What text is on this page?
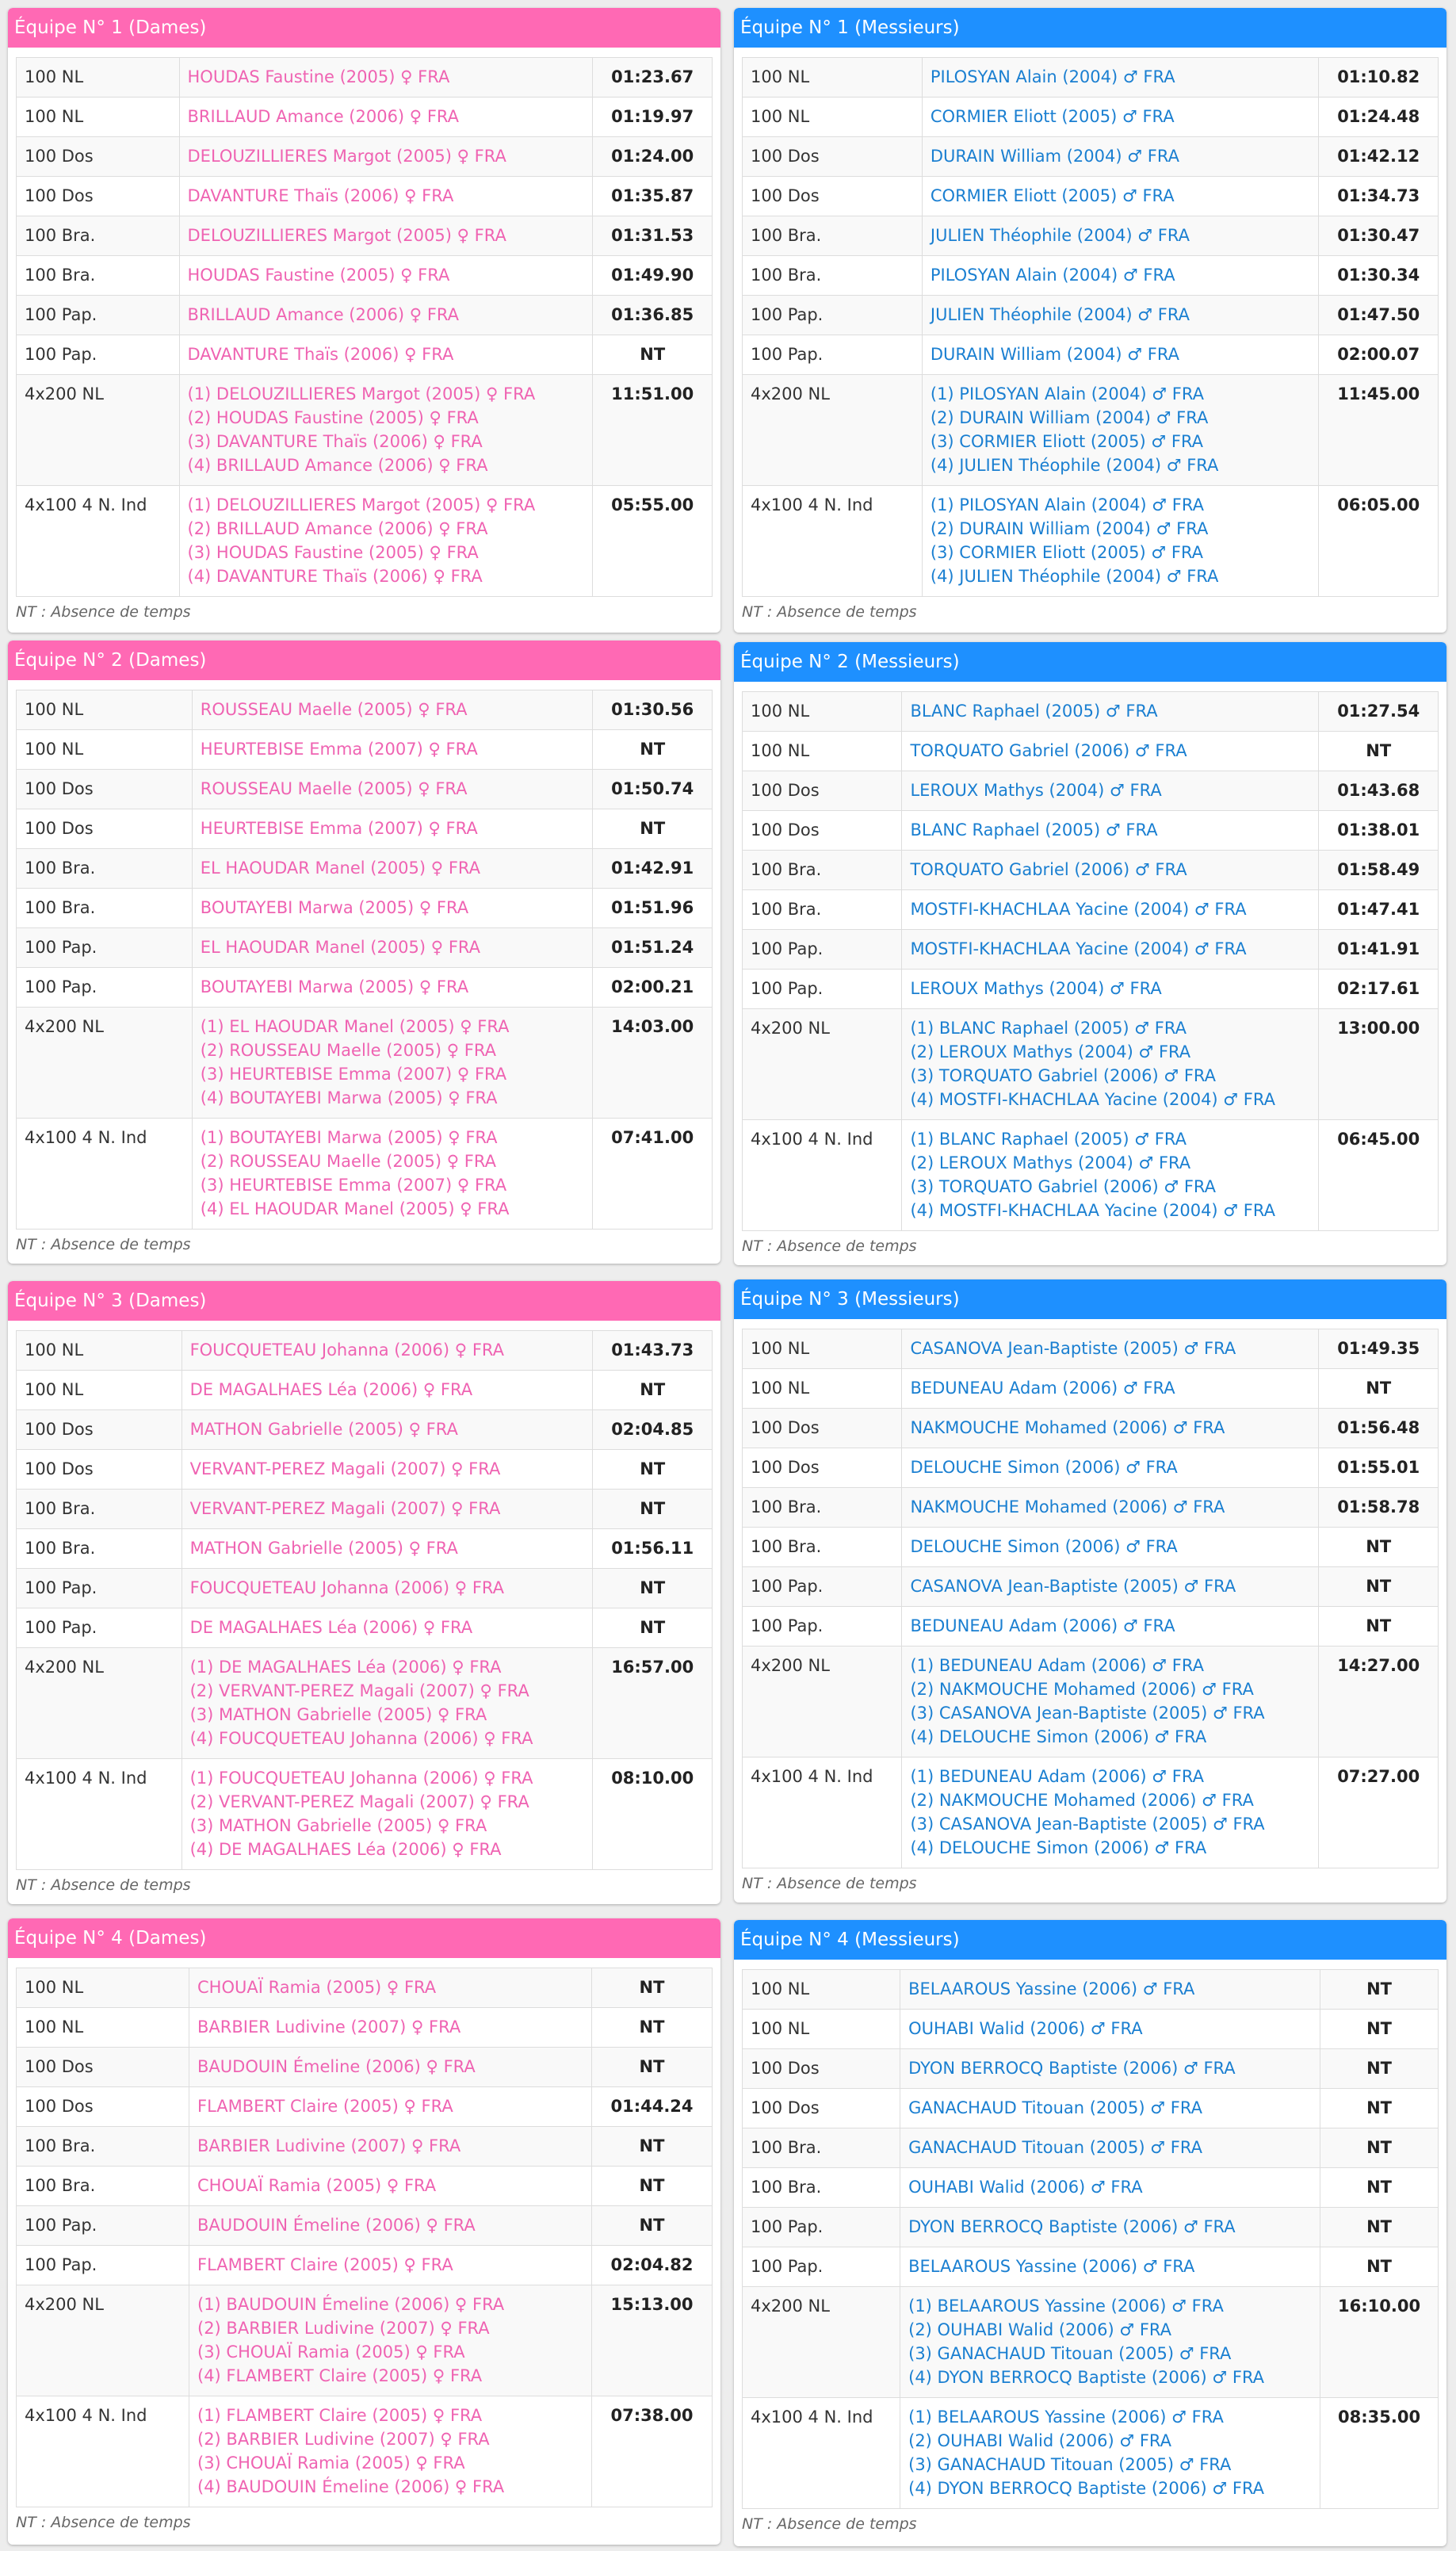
Équipe N° 1 (Dames)
100 NL	HOUDAS Faustine (2005) ♀ FRA	01:23.67
100 NL	BRILLAUD Amance (2006) ♀ FRA	01:19.97
100 Dos	DELOUZILLIERES Margot (2005) ♀ FRA	01:24.00
100 Dos	DAVANTURE Thaïs (2006) ♀ FRA	01:35.87
100 Bra.	DELOUZILLIERES Margot (2005) ♀ FRA	01:31.53
100 Bra.	HOUDAS Faustine (2005) ♀ FRA	01:49.90
100 Pap.	BRILLAUD Amance (2006) ♀ FRA	01:36.85
100 Pap.	DAVANTURE Thaïs (2006) ♀ FRA	NT
4x200 NL	(1) DELOUZILLIERES Margot (2005) ♀ FRA
(2) HOUDAS Faustine (2005) ♀ FRA
(3) DAVANTURE Thaïs (2006) ♀ FRA
(4) BRILLAUD Amance (2006) ♀ FRA	11:51.00
4x100 4 N. Ind	(1) DELOUZILLIERES Margot (2005) ♀ FRA
(2) BRILLAUD Amance (2006) ♀ FRA
(3) HOUDAS Faustine (2005) ♀ FRA
(4) DAVANTURE Thaïs (2006) ♀ FRA	05:55.00
NT : Absence de temps
Équipe N° 1 (Messieurs)
100 NL	PILOSYAN Alain (2004) ♂ FRA	01:10.82
100 NL	CORMIER Eliott (2005) ♂ FRA	01:24.48
100 Dos	DURAIN William (2004) ♂ FRA	01:42.12
100 Dos	CORMIER Eliott (2005) ♂ FRA	01:34.73
100 Bra.	JULIEN Théophile (2004) ♂ FRA	01:30.47
100 Bra.	PILOSYAN Alain (2004) ♂ FRA	01:30.34
100 Pap.	JULIEN Théophile (2004) ♂ FRA	01:47.50
100 Pap.	DURAIN William (2004) ♂ FRA	02:00.07
4x200 NL	(1) PILOSYAN Alain (2004) ♂ FRA
(2) DURAIN William (2004) ♂ FRA
(3) CORMIER Eliott (2005) ♂ FRA
(4) JULIEN Théophile (2004) ♂ FRA	11:45.00
4x100 4 N. Ind	(1) PILOSYAN Alain (2004) ♂ FRA
(2) DURAIN William (2004) ♂ FRA
(3) CORMIER Eliott (2005) ♂ FRA
(4) JULIEN Théophile (2004) ♂ FRA	06:05.00
NT : Absence de temps
Équipe N° 2 (Dames)
100 NL	ROUSSEAU Maelle (2005) ♀ FRA	01:30.56
100 NL	HEURTEBISE Emma (2007) ♀ FRA	NT
100 Dos	ROUSSEAU Maelle (2005) ♀ FRA	01:50.74
100 Dos	HEURTEBISE Emma (2007) ♀ FRA	NT
100 Bra.	EL HAOUDAR Manel (2005) ♀ FRA	01:42.91
100 Bra.	BOUTAYEBI Marwa (2005) ♀ FRA	01:51.96
100 Pap.	EL HAOUDAR Manel (2005) ♀ FRA	01:51.24
100 Pap.	BOUTAYEBI Marwa (2005) ♀ FRA	02:00.21
4x200 NL	(1) EL HAOUDAR Manel (2005) ♀ FRA
(2) ROUSSEAU Maelle (2005) ♀ FRA
(3) HEURTEBISE Emma (2007) ♀ FRA
(4) BOUTAYEBI Marwa (2005) ♀ FRA	14:03.00
4x100 4 N. Ind	(1) BOUTAYEBI Marwa (2005) ♀ FRA
(2) ROUSSEAU Maelle (2005) ♀ FRA
(3) HEURTEBISE Emma (2007) ♀ FRA
(4) EL HAOUDAR Manel (2005) ♀ FRA	07:41.00
NT : Absence de temps
Équipe N° 2 (Messieurs)
100 NL	BLANC Raphael (2005) ♂ FRA	01:27.54
100 NL	TORQUATO Gabriel (2006) ♂ FRA	NT
100 Dos	LEROUX Mathys (2004) ♂ FRA	01:43.68
100 Dos	BLANC Raphael (2005) ♂ FRA	01:38.01
100 Bra.	TORQUATO Gabriel (2006) ♂ FRA	01:58.49
100 Bra.	MOSTFI-KHACHLAA Yacine (2004) ♂ FRA	01:47.41
100 Pap.	MOSTFI-KHACHLAA Yacine (2004) ♂ FRA	01:41.91
100 Pap.	LEROUX Mathys (2004) ♂ FRA	02:17.61
4x200 NL	(1) BLANC Raphael (2005) ♂ FRA
(2) LEROUX Mathys (2004) ♂ FRA
(3) TORQUATO Gabriel (2006) ♂ FRA
(4) MOSTFI-KHACHLAA Yacine (2004) ♂ FRA	13:00.00
4x100 4 N. Ind	(1) BLANC Raphael (2005) ♂ FRA
(2) LEROUX Mathys (2004) ♂ FRA
(3) TORQUATO Gabriel (2006) ♂ FRA
(4) MOSTFI-KHACHLAA Yacine (2004) ♂ FRA	06:45.00
NT : Absence de temps
Équipe N° 3 (Dames)
100 NL	FOUCQUETEAU Johanna (2006) ♀ FRA	01:43.73
100 NL	DE MAGALHAES Léa (2006) ♀ FRA	NT
100 Dos	MATHON Gabrielle (2005) ♀ FRA	02:04.85
100 Dos	VERVANT-PEREZ Magali (2007) ♀ FRA	NT
100 Bra.	VERVANT-PEREZ Magali (2007) ♀ FRA	NT
100 Bra.	MATHON Gabrielle (2005) ♀ FRA	01:56.11
100 Pap.	FOUCQUETEAU Johanna (2006) ♀ FRA	NT
100 Pap.	DE MAGALHAES Léa (2006) ♀ FRA	NT
4x200 NL	(1) DE MAGALHAES Léa (2006) ♀ FRA
(2) VERVANT-PEREZ Magali (2007) ♀ FRA
(3) MATHON Gabrielle (2005) ♀ FRA
(4) FOUCQUETEAU Johanna (2006) ♀ FRA	16:57.00
4x100 4 N. Ind	(1) FOUCQUETEAU Johanna (2006) ♀ FRA
(2) VERVANT-PEREZ Magali (2007) ♀ FRA
(3) MATHON Gabrielle (2005) ♀ FRA
(4) DE MAGALHAES Léa (2006) ♀ FRA	08:10.00
NT : Absence de temps
Équipe N° 3 (Messieurs)
100 NL	CASANOVA Jean-Baptiste (2005) ♂ FRA	01:49.35
100 NL	BEDUNEAU Adam (2006) ♂ FRA	NT
100 Dos	NAKMOUCHE Mohamed (2006) ♂ FRA	01:56.48
100 Dos	DELOUCHE Simon (2006) ♂ FRA	01:55.01
100 Bra.	NAKMOUCHE Mohamed (2006) ♂ FRA	01:58.78
100 Bra.	DELOUCHE Simon (2006) ♂ FRA	NT
100 Pap.	CASANOVA Jean-Baptiste (2005) ♂ FRA	NT
100 Pap.	BEDUNEAU Adam (2006) ♂ FRA	NT
4x200 NL	(1) BEDUNEAU Adam (2006) ♂ FRA
(2) NAKMOUCHE Mohamed (2006) ♂ FRA
(3) CASANOVA Jean-Baptiste (2005) ♂ FRA
(4) DELOUCHE Simon (2006) ♂ FRA	14:27.00
4x100 4 N. Ind	(1) BEDUNEAU Adam (2006) ♂ FRA
(2) NAKMOUCHE Mohamed (2006) ♂ FRA
(3) CASANOVA Jean-Baptiste (2005) ♂ FRA
(4) DELOUCHE Simon (2006) ♂ FRA	07:27.00
NT : Absence de temps
Équipe N° 4 (Dames)
100 NL	CHOUAÏ Ramia (2005) ♀ FRA	NT
100 NL	BARBIER Ludivine (2007) ♀ FRA	NT
100 Dos	BAUDOUIN Émeline (2006) ♀ FRA	NT
100 Dos	FLAMBERT Claire (2005) ♀ FRA	01:44.24
100 Bra.	BARBIER Ludivine (2007) ♀ FRA	NT
100 Bra.	CHOUAÏ Ramia (2005) ♀ FRA	NT
100 Pap.	BAUDOUIN Émeline (2006) ♀ FRA	NT
100 Pap.	FLAMBERT Claire (2005) ♀ FRA	02:04.82
4x200 NL	(1) BAUDOUIN Émeline (2006) ♀ FRA
(2) BARBIER Ludivine (2007) ♀ FRA
(3) CHOUAÏ Ramia (2005) ♀ FRA
(4) FLAMBERT Claire (2005) ♀ FRA	15:13.00
4x100 4 N. Ind	(1) FLAMBERT Claire (2005) ♀ FRA
(2) BARBIER Ludivine (2007) ♀ FRA
(3) CHOUAÏ Ramia (2005) ♀ FRA
(4) BAUDOUIN Émeline (2006) ♀ FRA	07:38.00
NT : Absence de temps
Équipe N° 4 (Messieurs)
100 NL	BELAAROUS Yassine (2006) ♂ FRA	NT
100 NL	OUHABI Walid (2006) ♂ FRA	NT
100 Dos	DYON BERROCQ Baptiste (2006) ♂ FRA	NT
100 Dos	GANACHAUD Titouan (2005) ♂ FRA	NT
100 Bra.	GANACHAUD Titouan (2005) ♂ FRA	NT
100 Bra.	OUHABI Walid (2006) ♂ FRA	NT
100 Pap.	DYON BERROCQ Baptiste (2006) ♂ FRA	NT
100 Pap.	BELAAROUS Yassine (2006) ♂ FRA	NT
4x200 NL	(1) BELAAROUS Yassine (2006) ♂ FRA
(2) OUHABI Walid (2006) ♂ FRA
(3) GANACHAUD Titouan (2005) ♂ FRA
(4) DYON BERROCQ Baptiste (2006) ♂ FRA	16:10.00
4x100 4 N. Ind	(1) BELAAROUS Yassine (2006) ♂ FRA
(2) OUHABI Walid (2006) ♂ FRA
(3) GANACHAUD Titouan (2005) ♂ FRA
(4) DYON BERROCQ Baptiste (2006) ♂ FRA	08:35.00
NT : Absence de temps
